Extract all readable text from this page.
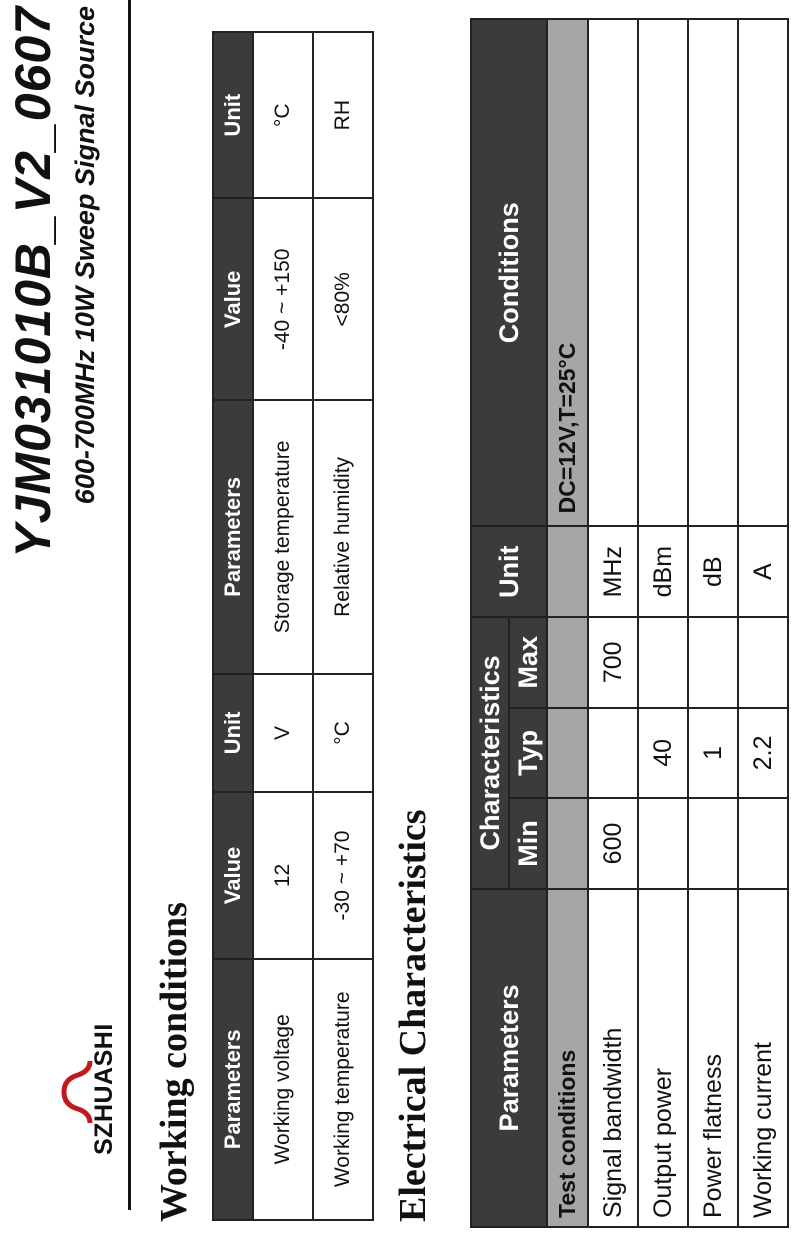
SZHUASHI
YJM031010B_V2_0607 600-700MHz 10W Sweep Signal Source
Working conditions Parameters	Value	Unit	Parameters	Value	Unit
Working voltage	12	V	Storage temperature	-40 ~ +150	°C
Working temperature	-30 ~ +70	°C	Relative humidity	<80%	RH
Electrical Characteristics Parameters	Characteristics			Unit	Conditions
	Min	Typ	Max		
Test conditions					DC=12V,T=25°C
Signal bandwidth	600		700	MHz	
Output power		40		dBm	
Power flatness		1		dB	
Working current		2.2		A	
